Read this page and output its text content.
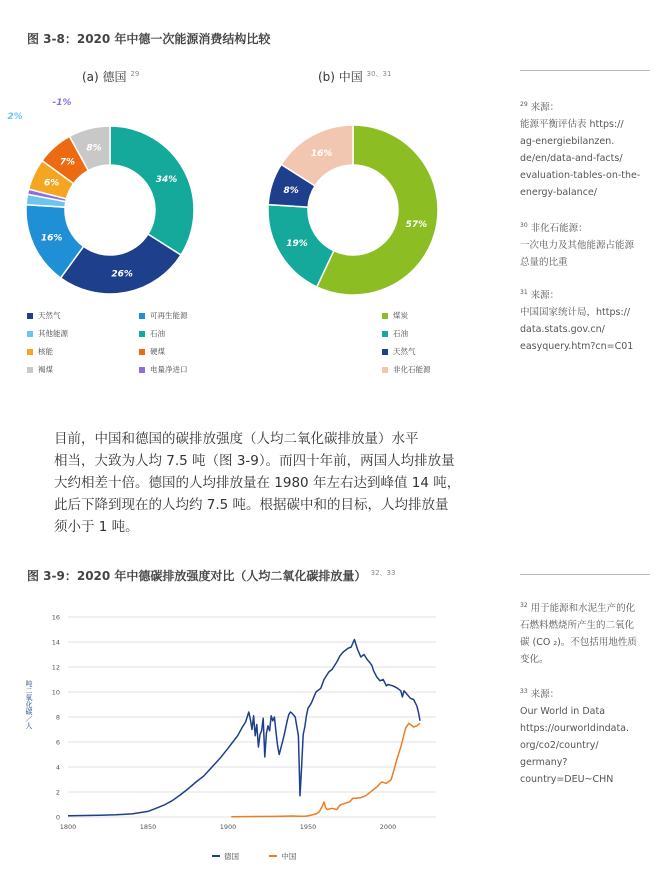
图 3-8：2020 年中德一次能源消费结构比较
(a) 德国 $^{29}$	(b) 中国 $^{30、31}$
34%
26%
16%
2%
-1%
6%
7%
8%
57%
19%
8%
16%
天然气	可再生能源
其他能源	石油
核能	硬煤
褐煤	电量净进口
煤炭
石油
天然气
非化石能源
$^{29}$ 来源：
能源平衡评估表 https://
ag-energiebilanzen.
de/en/data-and-facts/
evaluation-tables-on-the-
energy-balance/
$^{30}$ 非化石能源：
一次电力及其他能源占能源
总量的比重
$^{31}$ 来源：
中国国家统计局，https://
data.stats.gov.cn/
easyquery.htm?cn=C01
目前，中国和德国的碳排放强度（人均二氧化碳排放量）水平
相当，大致为人均 7.5 吨（图 3-9）。而四十年前，两国人均排放量
大约相差十倍。德国的人均排放量在 1980 年左右达到峰值 14 吨，
此后下降到现在的人均约 7.5 吨。根据碳中和的目标，人均排放量
须小于 1 吨。
图 3-9：2020 年中德碳排放强度对比（人均二氧化碳排放量） $^{32、33}$
$^{32}$ 用于能源和水泥生产的化
石燃料燃烧所产生的二氧化
碳 (CO ₂)。不包括用地性质
变化。
$^{33}$ 来源：
Our World in Data
https://ourworldindata.
org/co2/country/
germany?country=DEU~CHN
0
2
4
6
8
10
12
14
16
1800	1850	1900	1950	2000
吨二氧化碳／人
德国	中国
